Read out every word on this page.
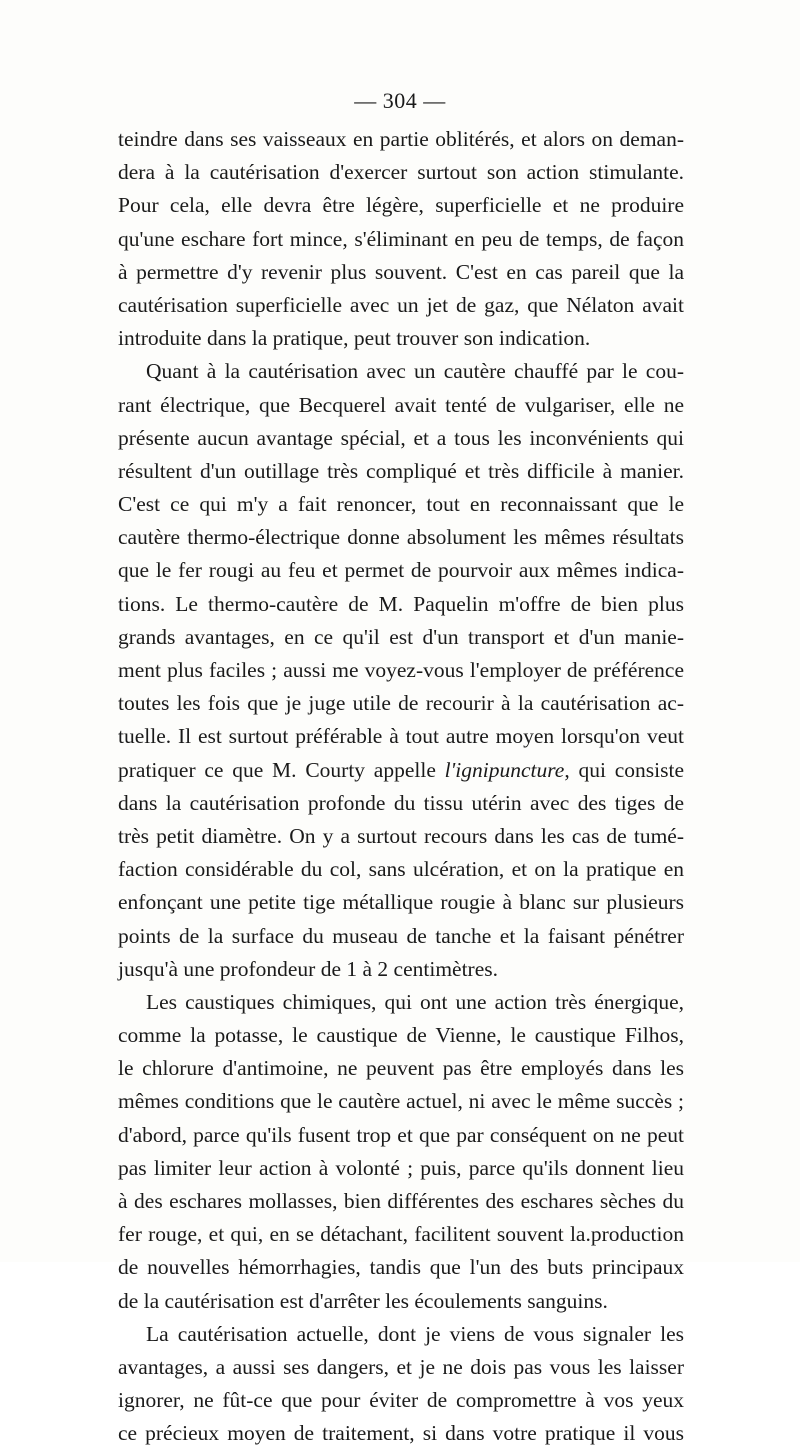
— 304 —
teindre dans ses vaisseaux en partie oblitérés, et alors on deman-
dera à la cautérisation d'exercer surtout son action stimulante.
Pour cela, elle devra être légère, superficielle et ne produire
qu'une eschare fort mince, s'éliminant en peu de temps, de façon
à permettre d'y revenir plus souvent. C'est en cas pareil que la
cautérisation superficielle avec un jet de gaz, que Nélaton avait
introduite dans la pratique, peut trouver son indication.
Quant à la cautérisation avec un cautère chauffé par le cou-
rant électrique, que Becquerel avait tenté de vulgariser, elle ne
présente aucun avantage spécial, et a tous les inconvénients qui
résultent d'un outillage très compliqué et très difficile à manier.
C'est ce qui m'y a fait renoncer, tout en reconnaissant que le
cautère thermo-électrique donne absolument les mêmes résultats
que le fer rougi au feu et permet de pourvoir aux mêmes indica-
tions. Le thermo-cautère de M. Paquelin m'offre de bien plus
grands avantages, en ce qu'il est d'un transport et d'un manie-
ment plus faciles ; aussi me voyez-vous l'employer de préférence
toutes les fois que je juge utile de recourir à la cautérisation ac-
tuelle. Il est surtout préférable à tout autre moyen lorsqu'on veut
pratiquer ce que M. Courty appelle l'ignipuncture, qui consiste
dans la cautérisation profonde du tissu utérin avec des tiges de
très petit diamètre. On y a surtout recours dans les cas de tumé-
faction considérable du col, sans ulcération, et on la pratique en
enfonçant une petite tige métallique rougie à blanc sur plusieurs
points de la surface du museau de tanche et la faisant pénétrer
jusqu'à une profondeur de 1 à 2 centimètres.
Les caustiques chimiques, qui ont une action très énergique,
comme la potasse, le caustique de Vienne, le caustique Filhos,
le chlorure d'antimoine, ne peuvent pas être employés dans les
mêmes conditions que le cautère actuel, ni avec le même succès ;
d'abord, parce qu'ils fusent trop et que par conséquent on ne peut
pas limiter leur action à volonté ; puis, parce qu'ils donnent lieu
à des eschares mollasses, bien différentes des eschares sèches du
fer rouge, et qui, en se détachant, facilitent souvent la.production
de nouvelles hémorrhagies, tandis que l'un des buts principaux
de la cautérisation est d'arrêter les écoulements sanguins.
La cautérisation actuelle, dont je viens de vous signaler les
avantages, a aussi ses dangers, et je ne dois pas vous les laisser
ignorer, ne fût-ce que pour éviter de compromettre à vos yeux
ce précieux moyen de traitement, si dans votre pratique il vous
